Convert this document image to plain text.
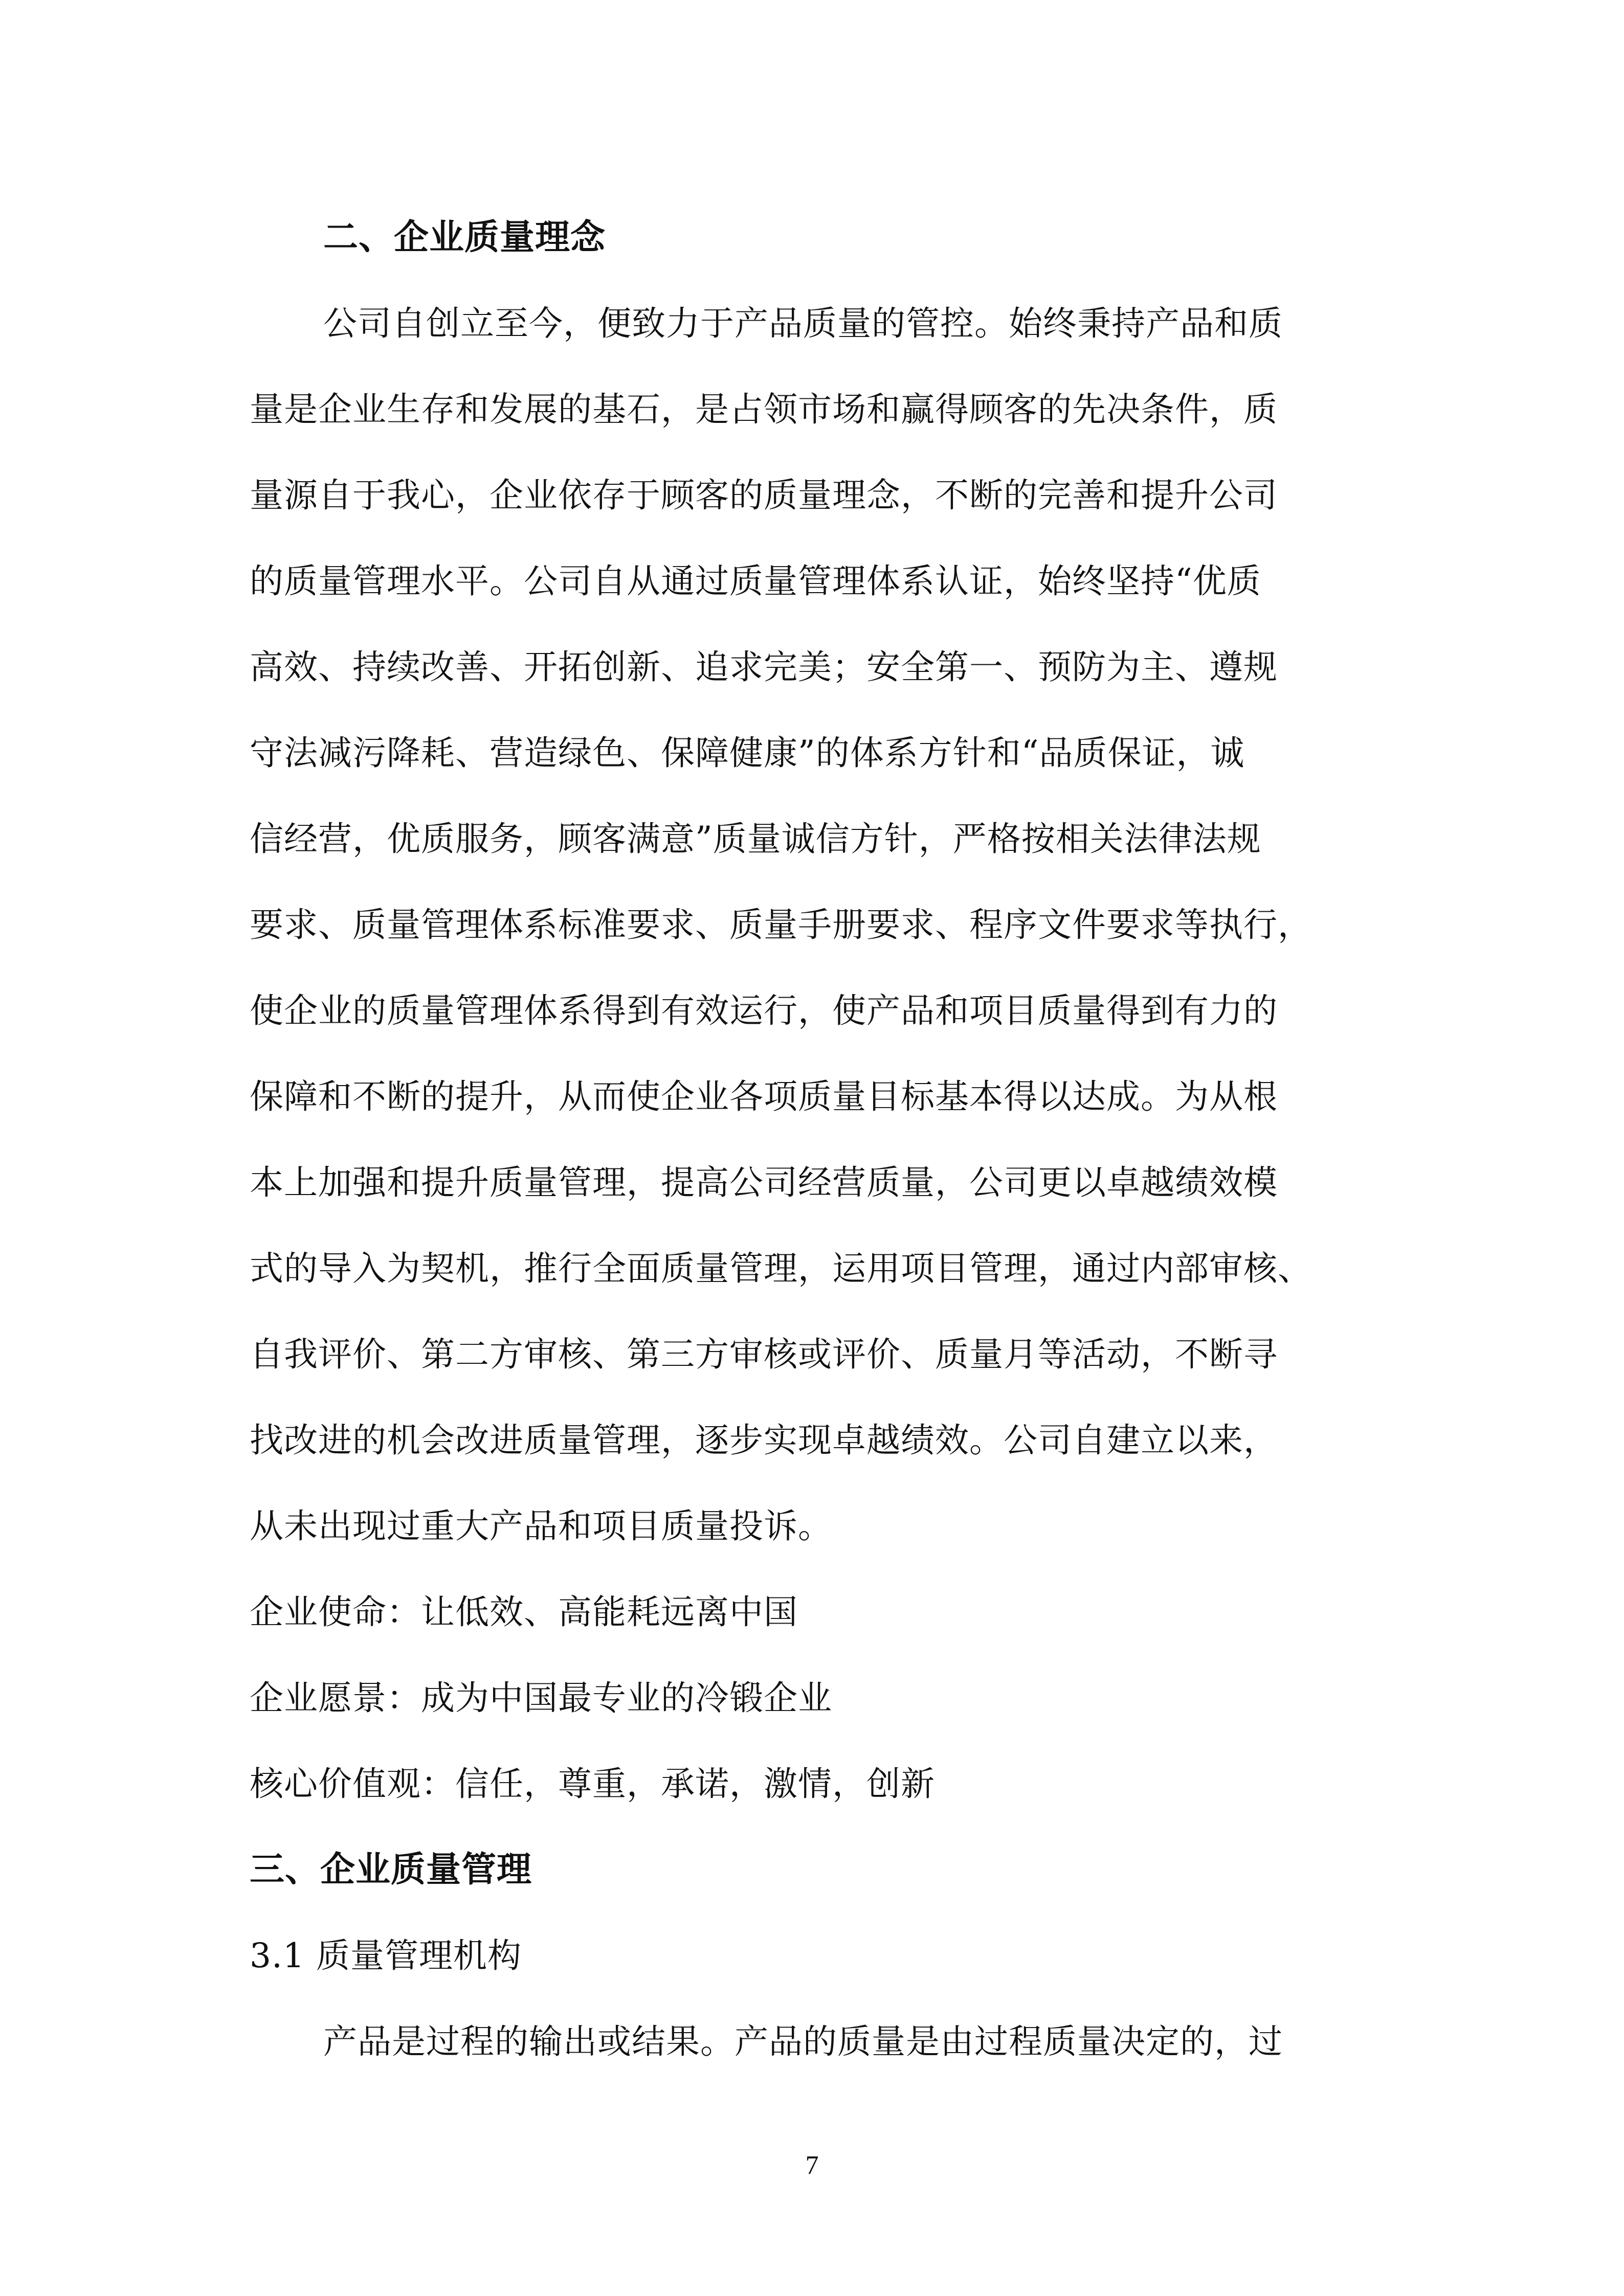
二、企业质量理念
公司自创立至今，便致力于产品质量的管控。始终秉持产品和质
量是企业生存和发展的基石，是占领市场和赢得顾客的先决条件，质
量源自于我心，企业依存于顾客的质量理念，不断的完善和提升公司
的质量管理水平。公司自从通过质量管理体系认证，始终坚持“优质
高效、持续改善、开拓创新、追求完美；安全第一、预防为主、遵规
守法减污降耗、营造绿色、保障健康”的体系方针和“品质保证，诚
信经营，优质服务，顾客满意”质量诚信方针，严格按相关法律法规
要求、质量管理体系标准要求、质量手册要求、程序文件要求等执行，
使企业的质量管理体系得到有效运行，使产品和项目质量得到有力的
保障和不断的提升，从而使企业各项质量目标基本得以达成。为从根
本上加强和提升质量管理，提高公司经营质量，公司更以卓越绩效模
式的导入为契机，推行全面质量管理，运用项目管理，通过内部审核、
自我评价、第二方审核、第三方审核或评价、质量月等活动，不断寻
找改进的机会改进质量管理，逐步实现卓越绩效。公司自建立以来，
从未出现过重大产品和项目质量投诉。
企业使命：让低效、高能耗远离中国
企业愿景：成为中国最专业的冷锻企业
核心价值观：信任，尊重，承诺，激情，创新
三、企业质量管理
3.1 质量管理机构
产品是过程的输出或结果。产品的质量是由过程质量决定的，过
7
